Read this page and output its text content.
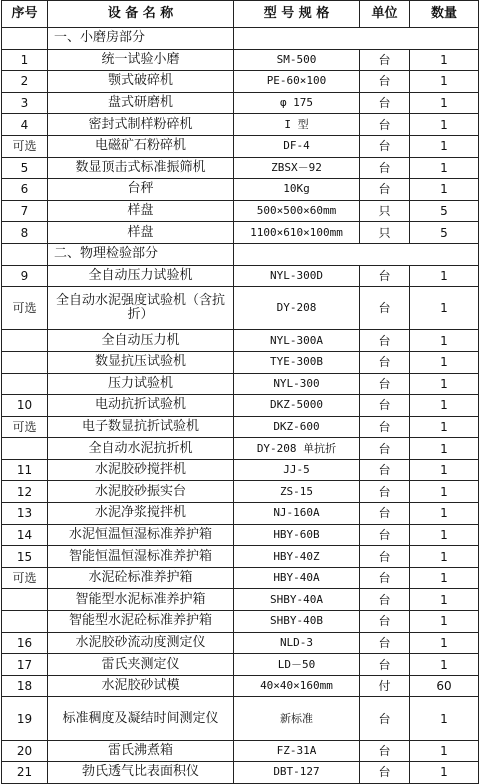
序号	设 备 名 称	型 号 规 格	单位	数量
	一、小磨房部分			
1	统一试验小磨	SM-500	台	1
2	颚式破碎机	PE-60×100	台	1
3	盘式研磨机	φ 175	台	1
4	密封式制样粉碎机	I 型	台	1
可选	电磁矿石粉碎机	DF-4	台	1
5	数显顶击式标准振筛机	ZBSX－92	台	1
6	台秤	10Kg	台	1
7	样盘	500×500×60mm	只	5
8	样盘	1100×610×100mm	只	5
	二、物理检验部分			
9	全自动压力试验机	NYL-300D	台	1
可选	全自动水泥强度试验机（含抗折）	DY-208	台	1
	全自动压力机	NYL-300A	台	1
	数显抗压试验机	TYE-300B	台	1
	压力试验机	NYL-300	台	1
10	电动抗折试验机	DKZ-5000	台	1
可选	电子数显抗折试验机	DKZ-600	台	1
	全自动水泥抗折机	DY-208 单抗折	台	1
11	水泥胶砂搅拌机	JJ-5	台	1
12	水泥胶砂振实台	ZS-15	台	1
13	水泥净浆搅拌机	NJ-160A	台	1
14	水泥恒温恒湿标准养护箱	HBY-60B	台	1
15	智能恒温恒湿标准养护箱	HBY-40Z	台	1
可选	水泥砼标准养护箱	HBY-40A	台	1
	智能型水泥标准养护箱	SHBY-40A	台	1
	智能型水泥砼标准养护箱	SHBY-40B	台	1
16	水泥胶砂流动度测定仪	NLD-3	台	1
17	雷氏夹测定仪	LD－50	台	1
18	水泥胶砂试模	40×40×160mm	付	60
19	标准稠度及凝结时间测定仪	新标准	台	1
20	雷氏沸煮箱	FZ-31A	台	1
21	勃氏透气比表面积仪	DBT-127	台	1
